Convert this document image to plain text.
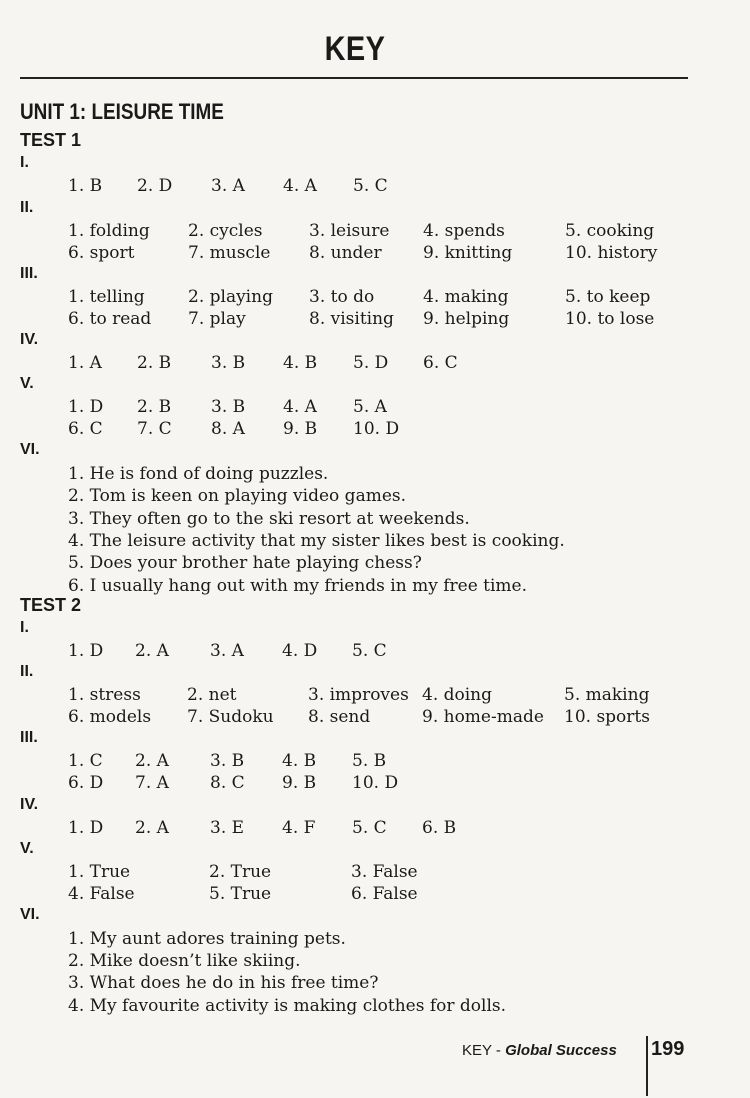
KEY
UNIT 1: LEISURE TIME
TEST 1
I.
1. B 2. D 3. A 4. A 5. C
II.
1. folding 2. cycles	3. leisure 4. spends	5. cooking
6. sport	7. muscle 8. under 9. knitting	10. history
III.
1. telling	2. playing 3. to do	4. making	5. to keep
6. to read 7. play	8. visiting 9. helping	10. to lose
IV.
1. A 2. B 3. B 4. B 5. D 6. C
V.
1. D 2. B 3. B 4. A 5. A
6. C 7. C 8. A 9. B 10. D
VI.
1. He is fond of doing puzzles.
2. Tom is keen on playing video games.
3. They often go to the ski resort at weekends.
4. The leisure activity that my sister likes best is cooking.
5. Does your brother hate playing chess?
6. I usually hang out with my friends in my free time.
TEST 2
I.
1. D 2. A 3. A 4. D 5. C
II.
1. stress	2. net	3. improves 4. doing	5. making
6. models 7. Sudoku 8. send	9. home-made 10. sports
III.
1. C 2. A 3. B 4. B 5. B
6. D 7. A 8. C 9. B 10. D
IV.
1. D 2. A 3. E 4. F 5. C 6. B
V.
1. True	2. True	3. False
4. False	5. True	6. False
VI.
1. My aunt adores training pets.
2. Mike doesn’t like skiing.
3. What does he do in his free time?
4. My favourite activity is making clothes for dolls.
KEY - Global Success 199
